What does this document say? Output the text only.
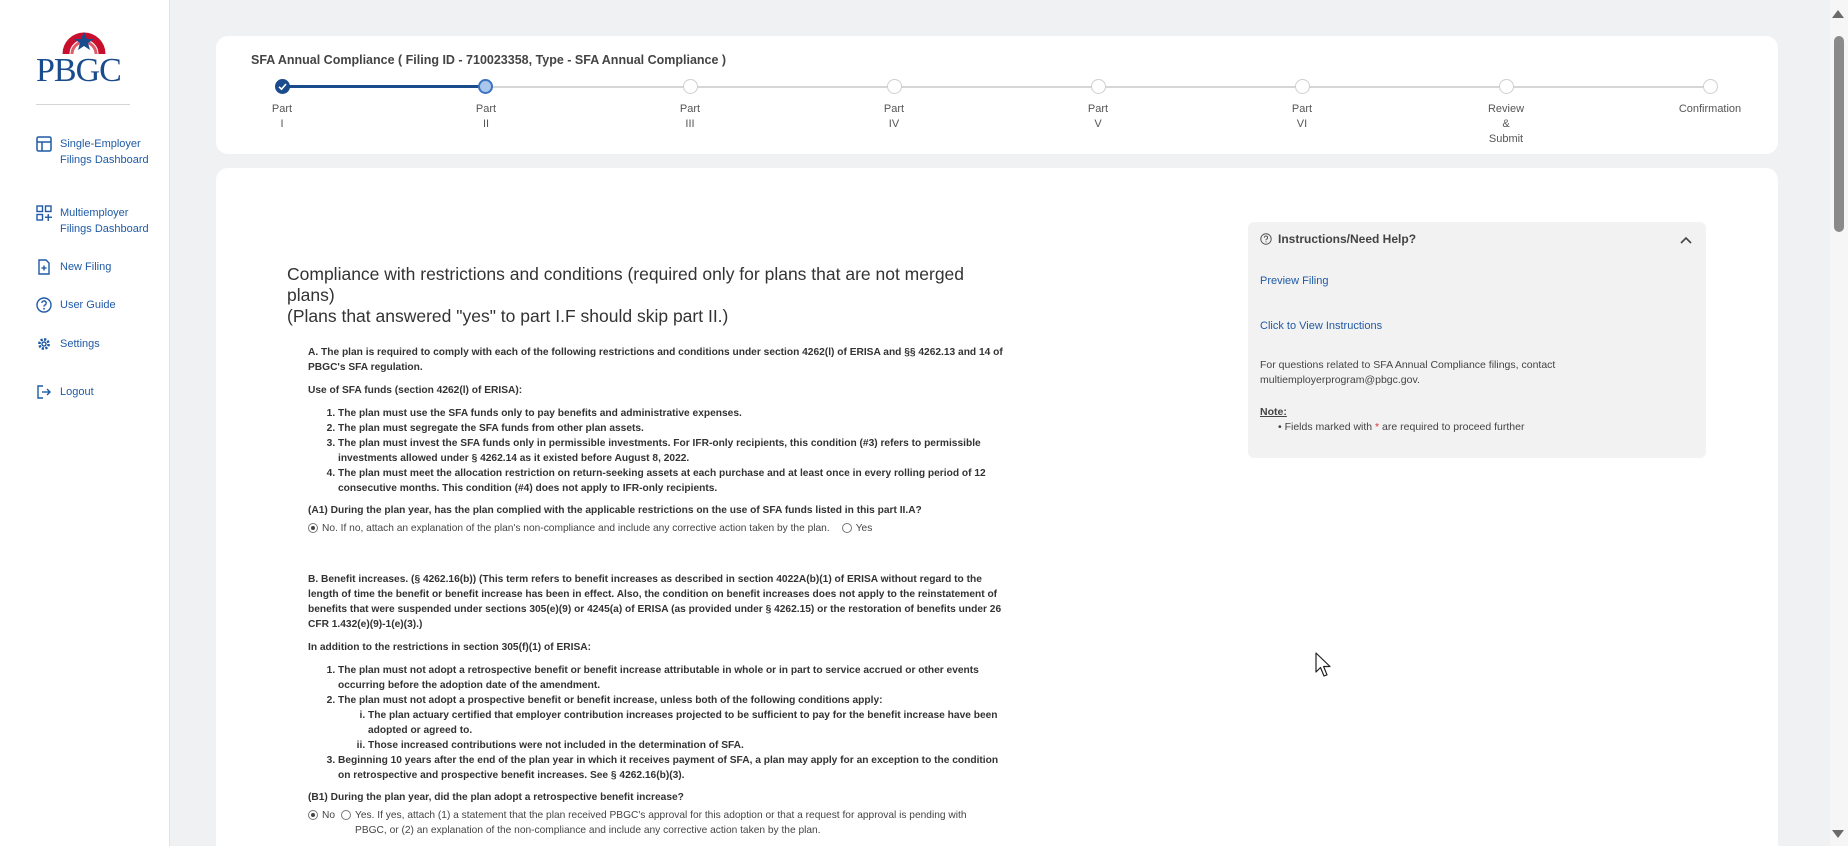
PBGC
Single-Employer Filings Dashboard
Multiemployer Filings Dashboard
New Filing
User Guide
Settings
Logout
SFA Annual Compliance ( Filing ID - 710023358, Type - SFA Annual Compliance )
Part
I
Part
II
Part
III
Part
IV
Part
V
Part
VI
Review
&
Submit
Confirmation
Compliance with restrictions and conditions (required only for plans that are not merged plans)
(Plans that answered "yes" to part I.F should skip part II.)

A. The plan is required to comply with each of the following restrictions and conditions under section 4262(l) of ERISA and §§ 4262.13 and 14 of PBGC's SFA regulation.

Use of SFA funds (section 4262(l) of ERISA):

1. The plan must use the SFA funds only to pay benefits and administrative expenses.
2. The plan must segregate the SFA funds from other plan assets.
3. The plan must invest the SFA funds only in permissible investments. For IFR-only recipients, this condition (#3) refers to permissible investments allowed under § 4262.14 as it existed before August 8, 2022.
4. The plan must meet the allocation restriction on return-seeking assets at each purchase and at least once in every rolling period of 12 consecutive months. This condition (#4) does not apply to IFR-only recipients.

(A1) During the plan year, has the plan complied with the applicable restrictions on the use of SFA funds listed in this part II.A?

No. If no, attach an explanation of the plan's non-compliance and include any corrective action taken by the plan.	Yes

B. Benefit increases. (§ 4262.16(b)) (This term refers to benefit increases as described in section 4022A(b)(1) of ERISA without regard to the length of time the benefit or benefit increase has been in effect. Also, the condition on benefit increases does not apply to the reinstatement of benefits that were suspended under sections 305(e)(9) or 4245(a) of ERISA (as provided under § 4262.15) or the restoration of benefits under 26 CFR 1.432(e)(9)-1(e)(3).)

In addition to the restrictions in section 305(f)(1) of ERISA:

1. The plan must not adopt a retrospective benefit or benefit increase attributable in whole or in part to service accrued or other events occurring before the adoption date of the amendment.
2. The plan must not adopt a prospective benefit or benefit increase, unless both of the following conditions apply:
i. The plan actuary certified that employer contribution increases projected to be sufficient to pay for the benefit increase have been adopted or agreed to.
ii. Those increased contributions were not included in the determination of SFA.
3. Beginning 10 years after the end of the plan year in which it receives payment of SFA, a plan may apply for an exception to the condition on retrospective and prospective benefit increases. See § 4262.16(b)(3).

(B1) During the plan year, did the plan adopt a retrospective benefit increase?

No Yes. If yes, attach (1) a statement that the plan received PBGC's approval for this adoption or that a request for approval is pending with PBGC, or (2) an explanation of the non-compliance and include any corrective action taken by the plan.
Instructions/Need Help?
Preview Filing
Click to View Instructions
For questions related to SFA Annual Compliance filings, contact multiemployerprogram@pbgc.gov.
Note:
• Fields marked with * are required to proceed further
